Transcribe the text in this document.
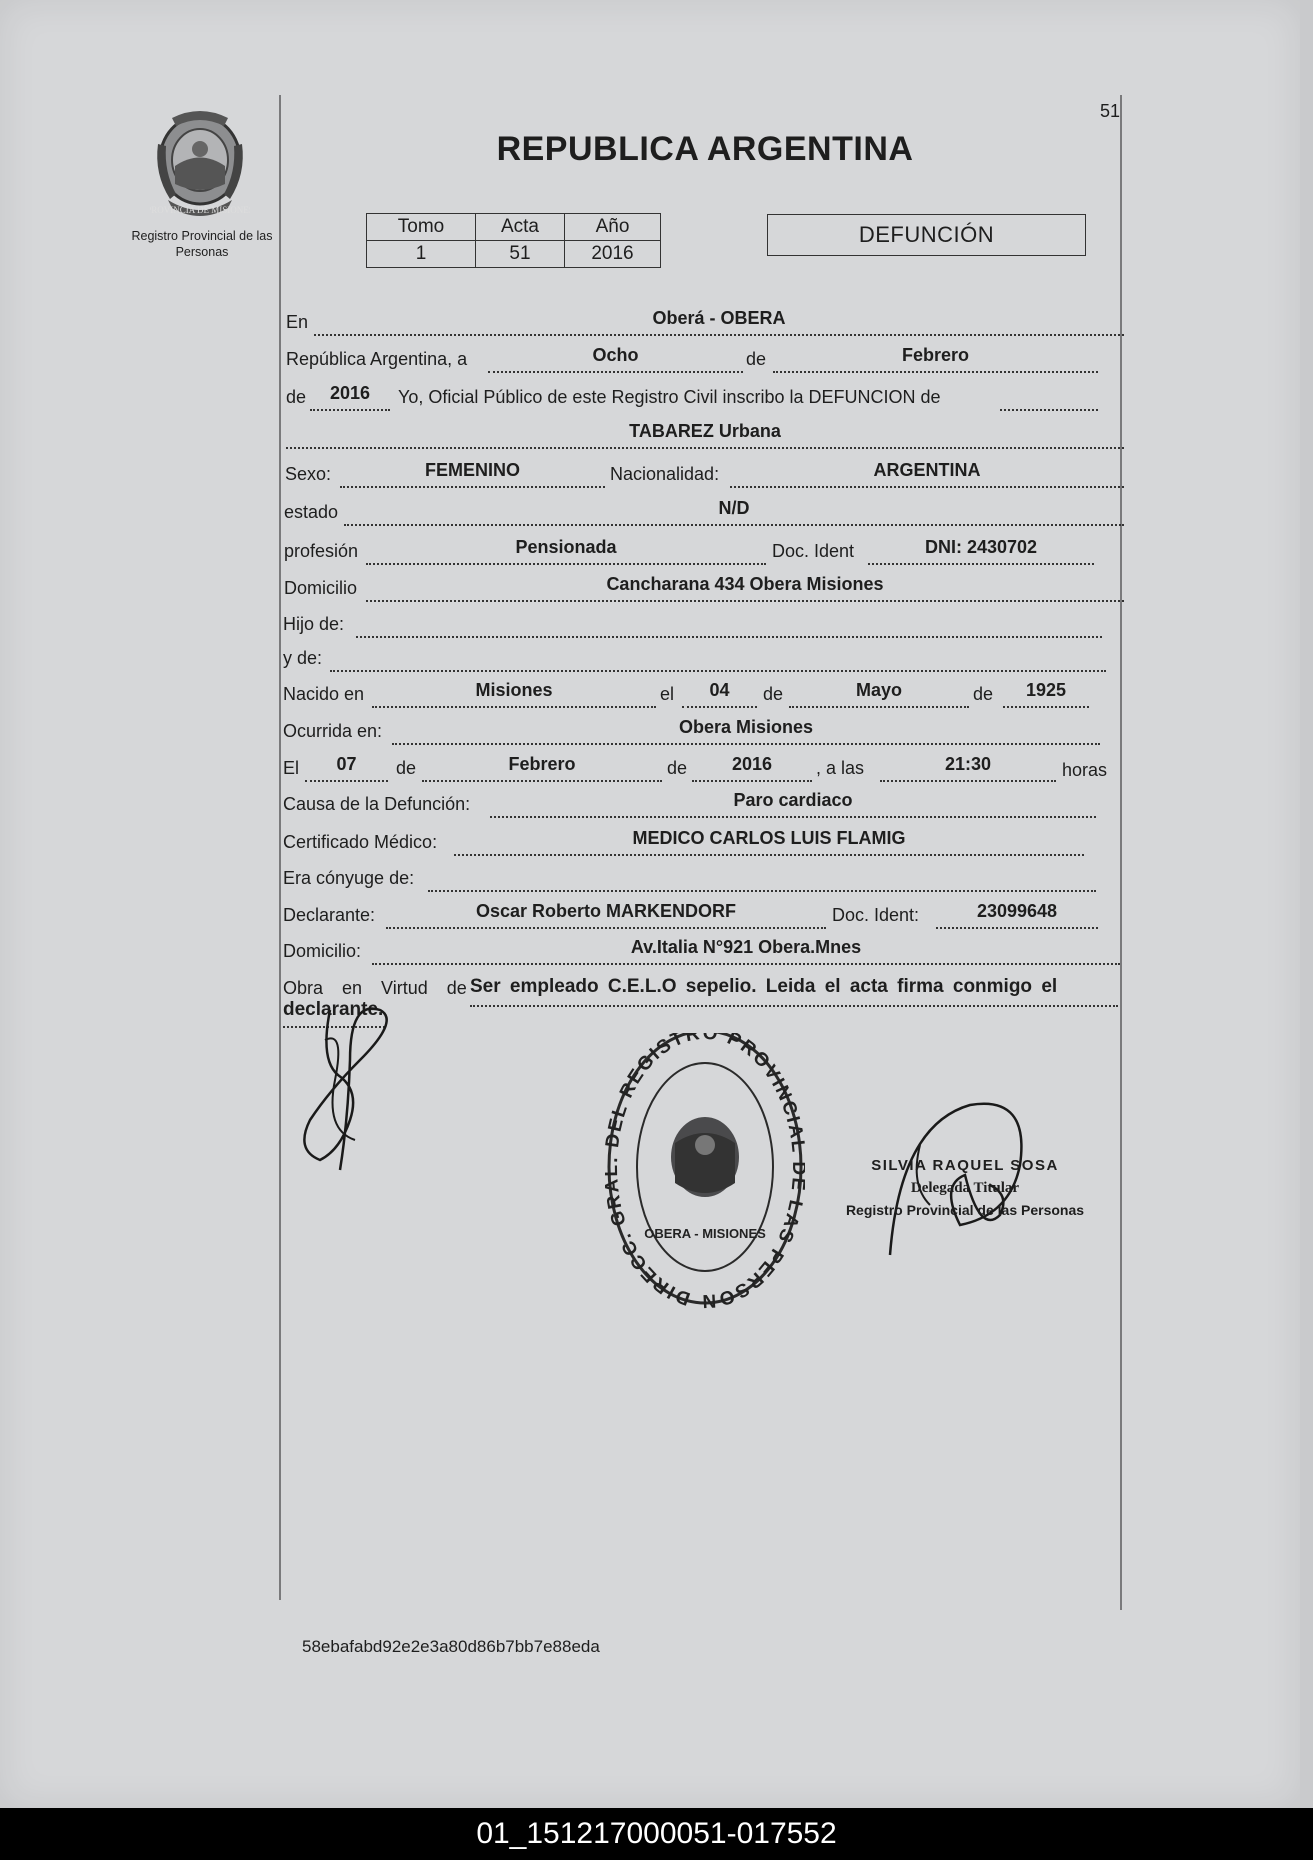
51
PROVINCIA DE MISIONES
Registro Provincial de las Personas
REPUBLICA ARGENTINA
Tomo	Acta	Año
1	51	2016
DEFUNCIÓN
En	Oberá - OBERA
República Argentina, a	Ocho	de	Febrero
de	2016	Yo, Oficial Público de este Registro Civil inscribo la DEFUNCION de
TABAREZ Urbana
Sexo:	FEMENINO	Nacionalidad:	ARGENTINA
estado	N/D
profesión	Pensionada	Doc. Ident	DNI: 2430702
Domicilio	Cancharana 434 Obera Misiones
Hijo de:
y de:
Nacido en	Misiones	el	04	de	Mayo	de	1925
Ocurrida en:	Obera Misiones
El	07	de	Febrero	de	2016	, a las	21:30	horas
Causa de la Defunción:	Paro cardiaco
Certificado Médico:	MEDICO CARLOS LUIS FLAMIG
Era cónyuge de:
Declarante:	Oscar Roberto MARKENDORF	Doc. Ident:	23099648
Domicilio:	Av.Italia N°921 Obera.Mnes
Obra en Virtud de Ser empleado C.E.L.O sepelio. Leida el acta firma conmigo el
declarante.
DIRECC. GR EL REGISTRO PROVINCIA LAS PERSON
OBERA - MISIONES
SILVIA RAQUEL SOSA
Delegada Titular
Registro Provincial de las Personas
58ebafabd92e2e3a80d86b7bb7e88eda
01_151217000051-017552
